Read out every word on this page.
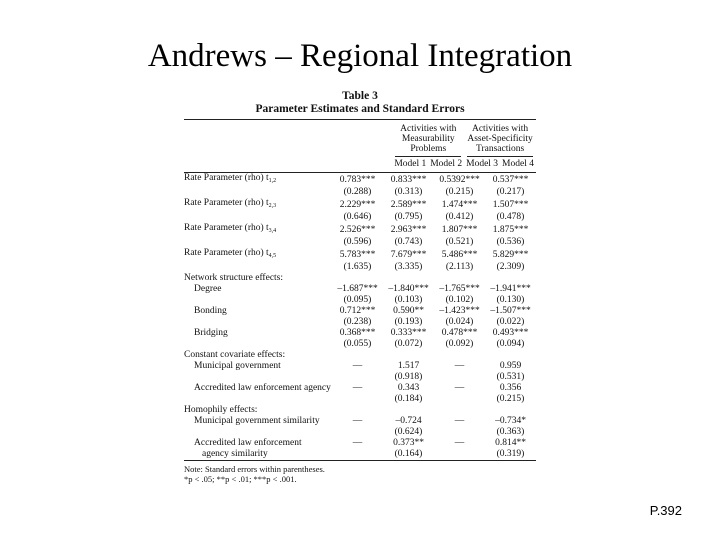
Andrews – Regional Integration
Table 3
Parameter Estimates and Standard Errors

	Activities with Measurability Problems		Activities with Asset-Specificity Transactions	

	Model 1	Model 2	Model 3	Model 4
Rate Parameter (rho) $t_{1,2}$	0.783***	0.833***	0.5392***	0.537***
	(0.288)	(0.313)	(0.215)	(0.217)
Rate Parameter (rho) $t_{2,3}$	2.229***	2.589***	1.474***	1.507***
	(0.646)	(0.795)	(0.412)	(0.478)
Rate Parameter (rho) $t_{3,4}$	2.526***	2.963***	1.807***	1.875***
	(0.596)	(0.743)	(0.521)	(0.536)
Rate Parameter (rho) $t_{4,5}$	5.783***	7.679***	5.486***	5.829***
	(1.635)	(3.335)	(2.113)	(2.309)
Network structure effects:				
Degree	–1.687***	–1.840***	–1.765***	–1.941***
	(0.095)	(0.103)	(0.102)	(0.130)
Bonding	0.712***	0.590**	–1.423***	–1.507***
	(0.238)	(0.193)	(0.024)	(0.022)
Bridging	0.368***	0.333***	0.478***	0.493***
	(0.055)	(0.072)	(0.092)	(0.094)
Constant covariate effects:				
Municipal government	—	1.517	—	0.959
		(0.918)		(0.531)
Accredited law enforcement agency	—	0.343	—	0.356
		(0.184)		(0.215)
Homophily effects:				
Municipal government similarity	—	–0.724	—	–0.734*
		(0.624)		(0.363)
Accredited law enforcement	—	0.373**	—	0.814**
agency similarity		(0.164)		(0.319)
Note: Standard errors within parentheses.
*p < .05; **p < .01; ***p < .001.
P.392
